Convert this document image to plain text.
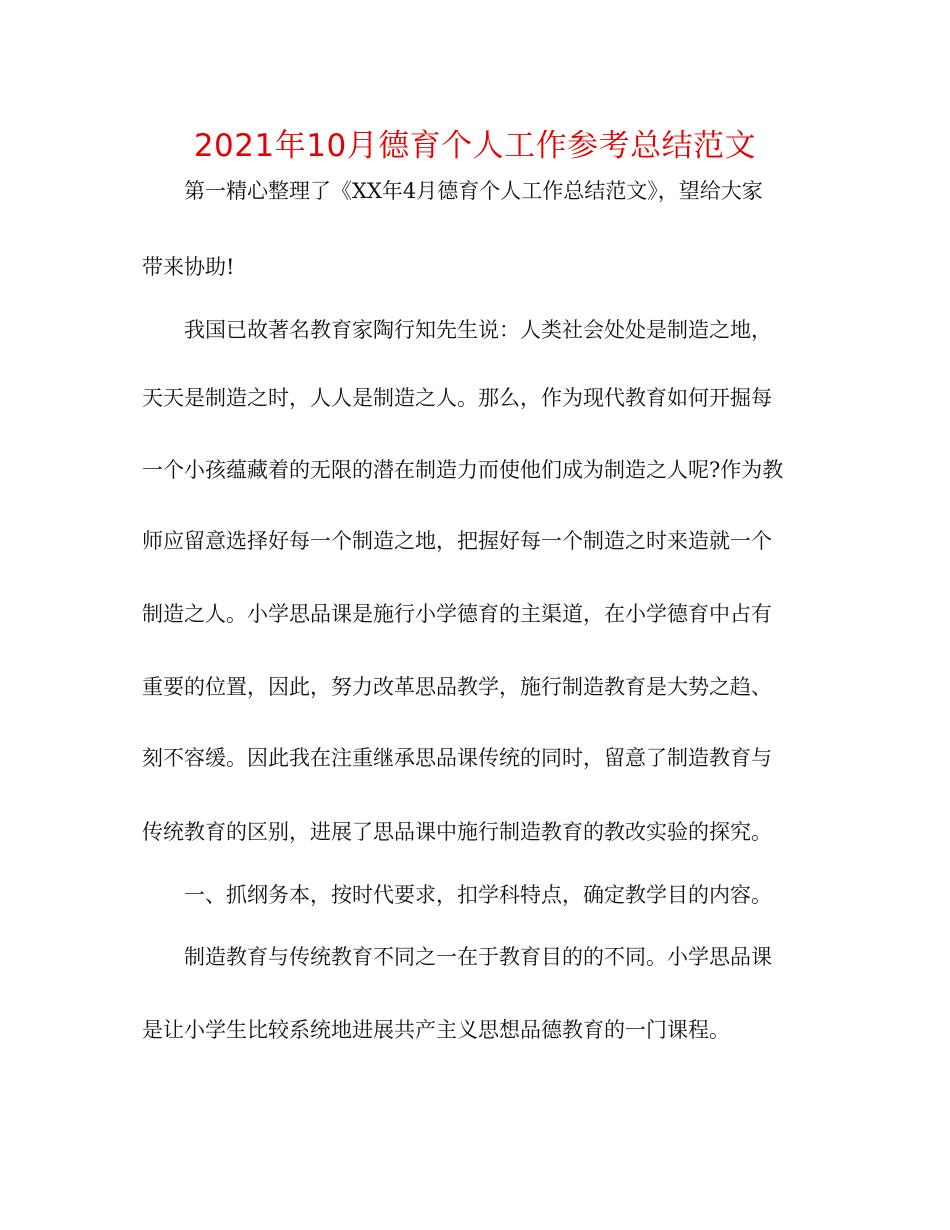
2021年10月德育个人工作参考总结范文
第一精心整理了《XX年4月德育个人工作总结范文》，望给大家
带来协助!
我国已故著名教育家陶行知先生说：人类社会处处是制造之地，
天天是制造之时，人人是制造之人。那么，作为现代教育如何开掘每
一个小孩蕴藏着的无限的潜在制造力而使他们成为制造之人呢?作为教
师应留意选择好每一个制造之地，把握好每一个制造之时来造就一个
制造之人。小学思品课是施行小学德育的主渠道，在小学德育中占有
重要的位置，因此，努力改革思品教学，施行制造教育是大势之趋、
刻不容缓。因此我在注重继承思品课传统的同时，留意了制造教育与
传统教育的区别，进展了思品课中施行制造教育的教改实验的探究。
一、抓纲务本，按时代要求，扣学科特点，确定教学目的内容。
制造教育与传统教育不同之一在于教育目的的不同。小学思品课
是让小学生比较系统地进展共产主义思想品德教育的一门课程。
